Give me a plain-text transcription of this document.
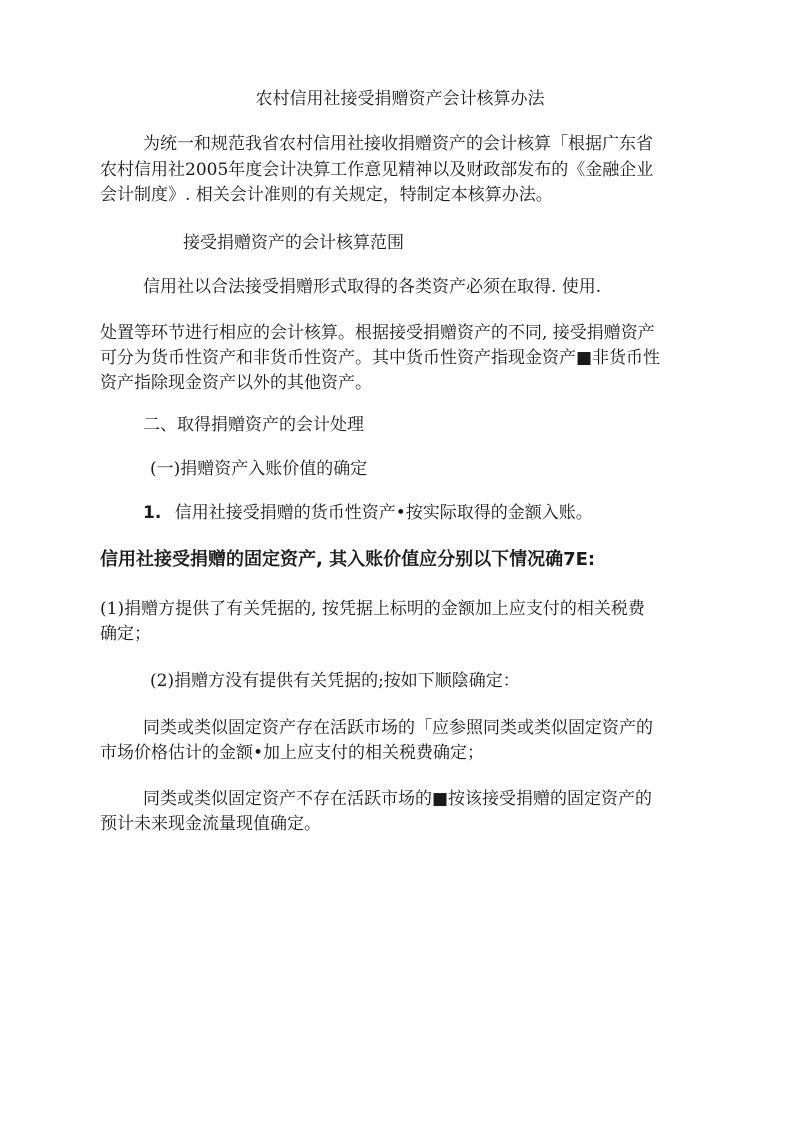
农村信用社接受捐赠资产会计核算办法
为统一和规范我省农村信用社接收捐赠资产的会计核算「根据广东省
农村信用社2005年度会计决算工作意见精神以及财政部发布的《金融企业
会计制度》. 相关会计准则的有关规定，特制定本核算办法。
接受捐赠资产的会计核算范围
信用社以合法接受捐赠形式取得的各类资产必须在取得. 使用.
处置等环节进行相应的会计核算。根据接受捐赠资产的不同, 接受捐赠资产
可分为货币性资产和非货币性资产。其中货币性资产指现金资产■非货币性
资产指除现金资产以外的其他资产。
二、取得捐赠资产的会计处理
(一)捐赠资产入账价值的确定
1. 信用社接受捐赠的货币性资产•按实际取得的金额入账。
信用社接受捐赠的固定资产, 其入账价值应分别以下情况确7E:
(1)捐赠方提供了有关凭据的, 按凭据上标明的金额加上应支付的相关税费
确定；
(2)捐赠方没有提供有关凭据的;按如下顺陰确定：
同类或类似固定资产存在活跃市场的「应参照同类或类似固定资产的
市场价格估计的金额•加上应支付的相关税费确定；
同类或类似固定资产不存在活跃市场的■按该接受捐赠的固定资产的
预计未来现金流量现值确定。
